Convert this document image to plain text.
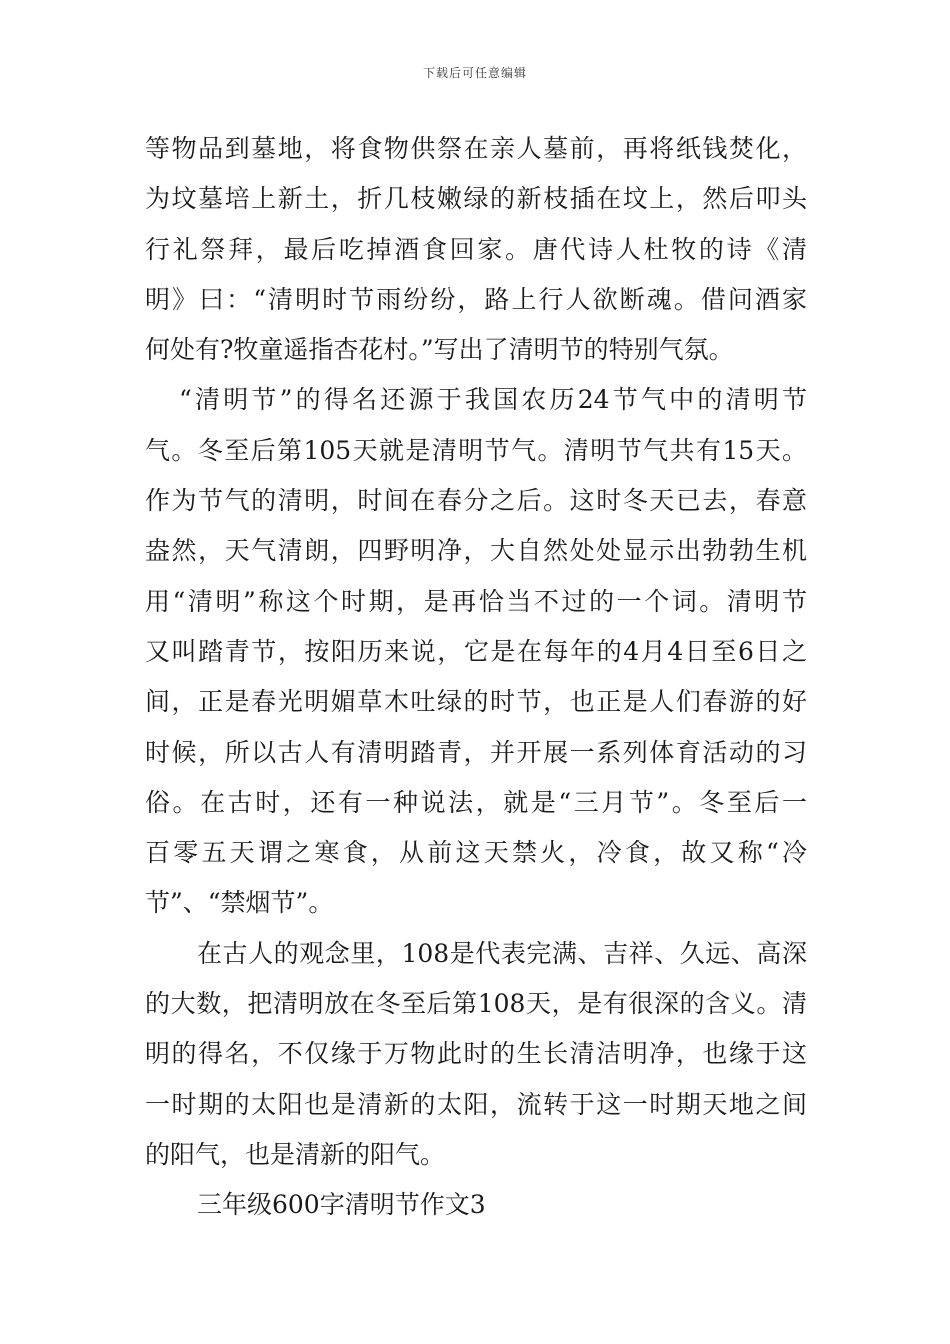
下载后可任意编辑
等物品到墓地，将食物供祭在亲人墓前，再将纸钱焚化，
为坟墓培上新土，折几枝嫩绿的新枝插在坟上，然后叩头
行礼祭拜，最后吃掉酒食回家。唐代诗人杜牧的诗《清
明》曰：“清明时节雨纷纷，路上行人欲断魂。借问酒家
何处有?牧童遥指杏花村。”写出了清明节的特别气氛。
“清明节”的得名还源于我国农历24节气中的清明节
气。冬至后第105天就是清明节气。清明节气共有15天。
作为节气的清明，时间在春分之后。这时冬天已去，春意
盎然，天气清朗，四野明净，大自然处处显示出勃勃生机
用“清明”称这个时期，是再恰当不过的一个词。清明节
又叫踏青节，按阳历来说，它是在每年的4月4日至6日之
间，正是春光明媚草木吐绿的时节，也正是人们春游的好
时候，所以古人有清明踏青，并开展一系列体育活动的习
俗。在古时，还有一种说法，就是“三月节”。冬至后一
百零五天谓之寒食，从前这天禁火，冷食，故又称“冷
节”、“禁烟节”。
在古人的观念里，108是代表完满、吉祥、久远、高深
的大数，把清明放在冬至后第108天，是有很深的含义。清
明的得名，不仅缘于万物此时的生长清洁明净，也缘于这
一时期的太阳也是清新的太阳，流转于这一时期天地之间
的阳气，也是清新的阳气。
三年级600字清明节作文3
